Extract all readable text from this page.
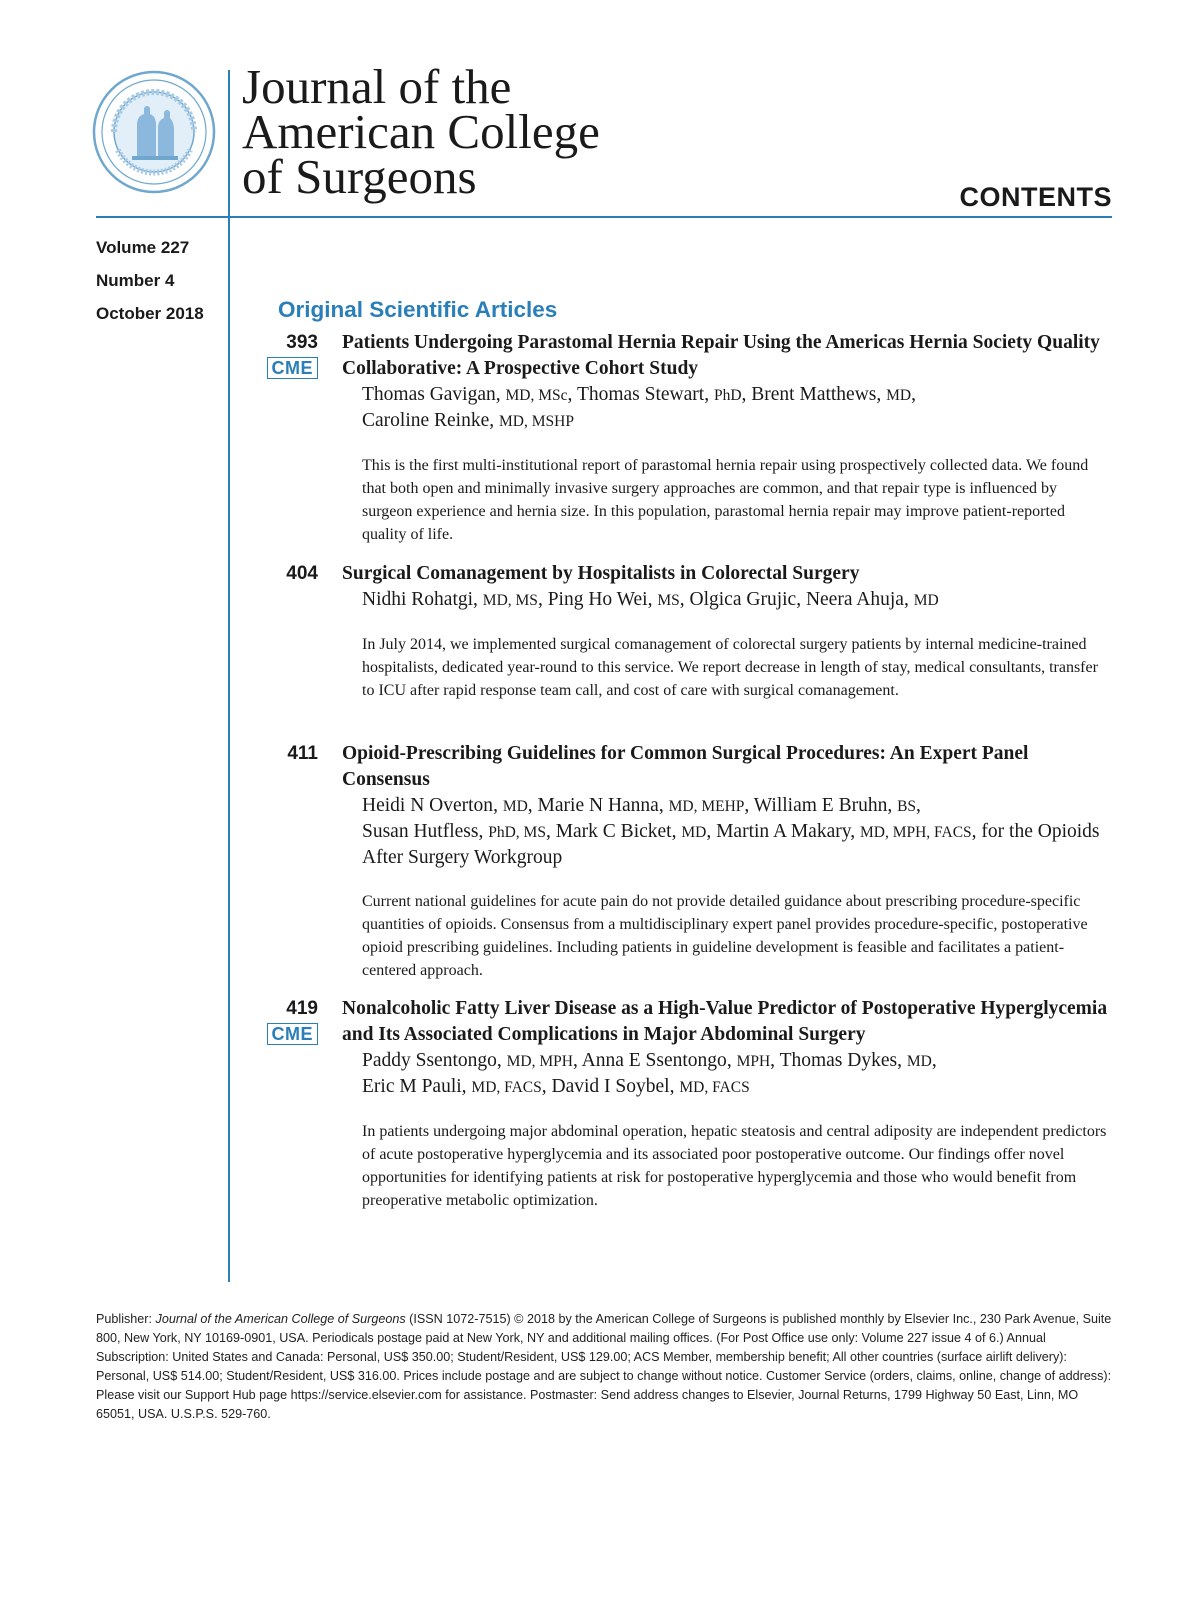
Journal of the
American College
of Surgeons	CONTENTS
Volume 227
Number 4
October 2018	Original Scientific Articles
393
CME
Patients Undergoing Parastomal Hernia Repair Using the Americas Hernia Society Quality Collaborative: A Prospective Cohort Study
Thomas Gavigan, MD, MSc, Thomas Stewart, PhD, Brent Matthews, MD,
Caroline Reinke, MD, MSHP
This is the first multi-institutional report of parastomal hernia repair using prospectively collected data. We found that both open and minimally invasive surgery approaches are common, and that repair type is influenced by surgeon experience and hernia size. In this population, parastomal hernia repair may improve patient-reported quality of life.
404 Surgical Comanagement by Hospitalists in Colorectal Surgery
Nidhi Rohatgi, MD, MS, Ping Ho Wei, MS, Olgica Grujic, Neera Ahuja, MD
In July 2014, we implemented surgical comanagement of colorectal surgery patients by internal medicine-trained hospitalists, dedicated year-round to this service. We report decrease in length of stay, medical consultants, transfer to ICU after rapid response team call, and cost of care with surgical comanagement.
411 Opioid-Prescribing Guidelines for Common Surgical Procedures: An Expert Panel Consensus
Heidi N Overton, MD, Marie N Hanna, MD, MEHP, William E Bruhn, BS,
Susan Hutfless, PhD, MS, Mark C Bicket, MD, Martin A Makary, MD, MPH, FACS, for the Opioids After Surgery Workgroup
Current national guidelines for acute pain do not provide detailed guidance about prescribing procedure-specific quantities of opioids. Consensus from a multidisciplinary expert panel provides procedure-specific, postoperative opioid prescribing guidelines. Including patients in guideline development is feasible and facilitates a patient-centered approach.
419
CME
Nonalcoholic Fatty Liver Disease as a High-Value Predictor of Postoperative Hyperglycemia and Its Associated Complications in Major Abdominal Surgery
Paddy Ssentongo, MD, MPH, Anna E Ssentongo, MPH, Thomas Dykes, MD,
Eric M Pauli, MD, FACS, David I Soybel, MD, FACS
In patients undergoing major abdominal operation, hepatic steatosis and central adiposity are independent predictors of acute postoperative hyperglycemia and its associated poor postoperative outcome. Our findings offer novel opportunities for identifying patients at risk for postoperative hyperglycemia and those who would benefit from preoperative metabolic optimization.
Publisher: Journal of the American College of Surgeons (ISSN 1072-7515) © 2018 by the American College of Surgeons is published monthly by Elsevier Inc., 230 Park Avenue, Suite 800, New York, NY 10169-0901, USA. Periodicals postage paid at New York, NY and additional mailing offices. (For Post Office use only: Volume 227 issue 4 of 6.) Annual Subscription: United States and Canada: Personal, US$ 350.00; Student/Resident, US$ 129.00; ACS Member, membership benefit; All other countries (surface airlift delivery): Personal, US$ 514.00; Student/Resident, US$ 316.00. Prices include postage and are subject to change without notice. Customer Service (orders, claims, online, change of address): Please visit our Support Hub page https://service.elsevier.com for assistance. Postmaster: Send address changes to Elsevier, Journal Returns, 1799 Highway 50 East, Linn, MO 65051, USA. U.S.P.S. 529-760.
